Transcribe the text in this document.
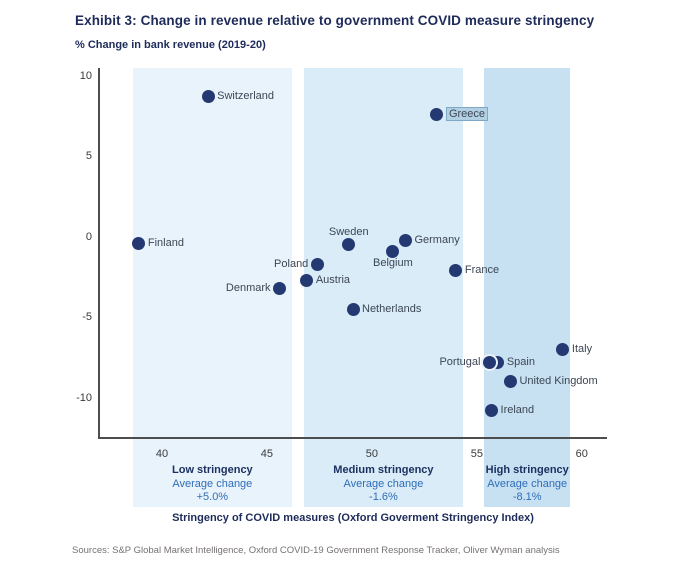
Exhibit 3: Change in revenue relative to government COVID measure stringency
% Change in bank revenue (2019-20)
Low stringency
Average change
+5.0%
Medium stringency
Average change
-1.6%
High stringency
Average change
-8.1%
10
5
0
-5
-10
40	45	50	55	60
Switzerland
Greece
Finland
Sweden
Germany
Belgium
Poland
Austria
Denmark
Netherlands
France
Italy
Spain
Portugal
United Kingdom
Ireland
Stringency of COVID measures (Oxford Goverment Stringency Index)
Sources: S&P Global Market Intelligence, Oxford COVID-19 Government Response Tracker, Oliver Wyman analysis
